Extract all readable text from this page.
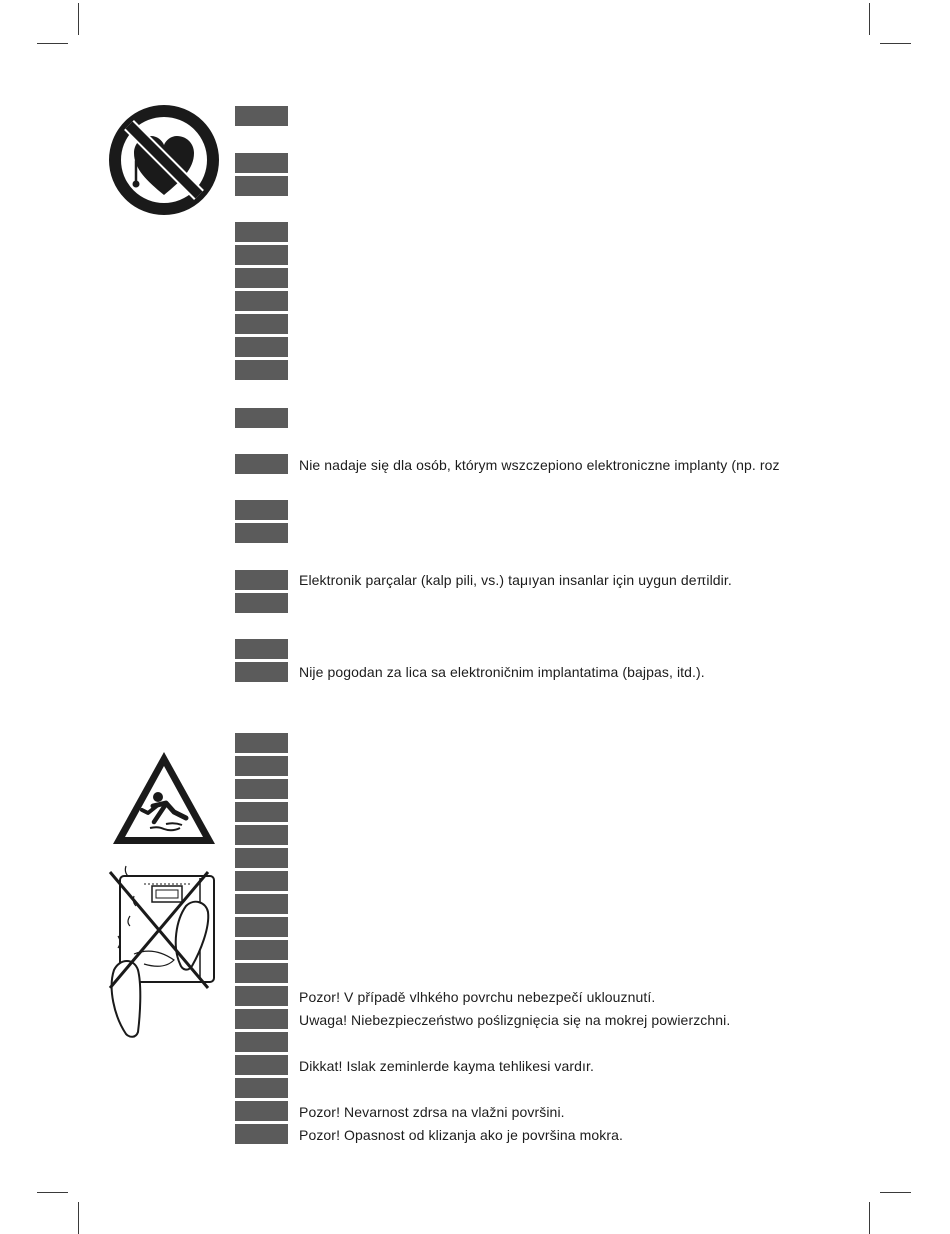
Nie nadaje się dla osób, którym wszczepiono elektroniczne implanty (np. roz
Elektronik parçalar (kalp pili, vs.) taμıyan insanlar için uygun deπildir.
Nije pogodan za lica sa elektroničnim implantatima (bajpas, itd.).
Pozor! V případě vlhkého povrchu nebezpečí uklouznutí.
Uwaga! Niebezpieczeństwo poślizgnięcia się na mokrej powierzchni.
Dikkat! Islak zeminlerde kayma tehlikesi vardır.
Pozor! Nevarnost zdrsa na vlažni površini.
Pozor! Opasnost od klizanja ako je površina mokra.
